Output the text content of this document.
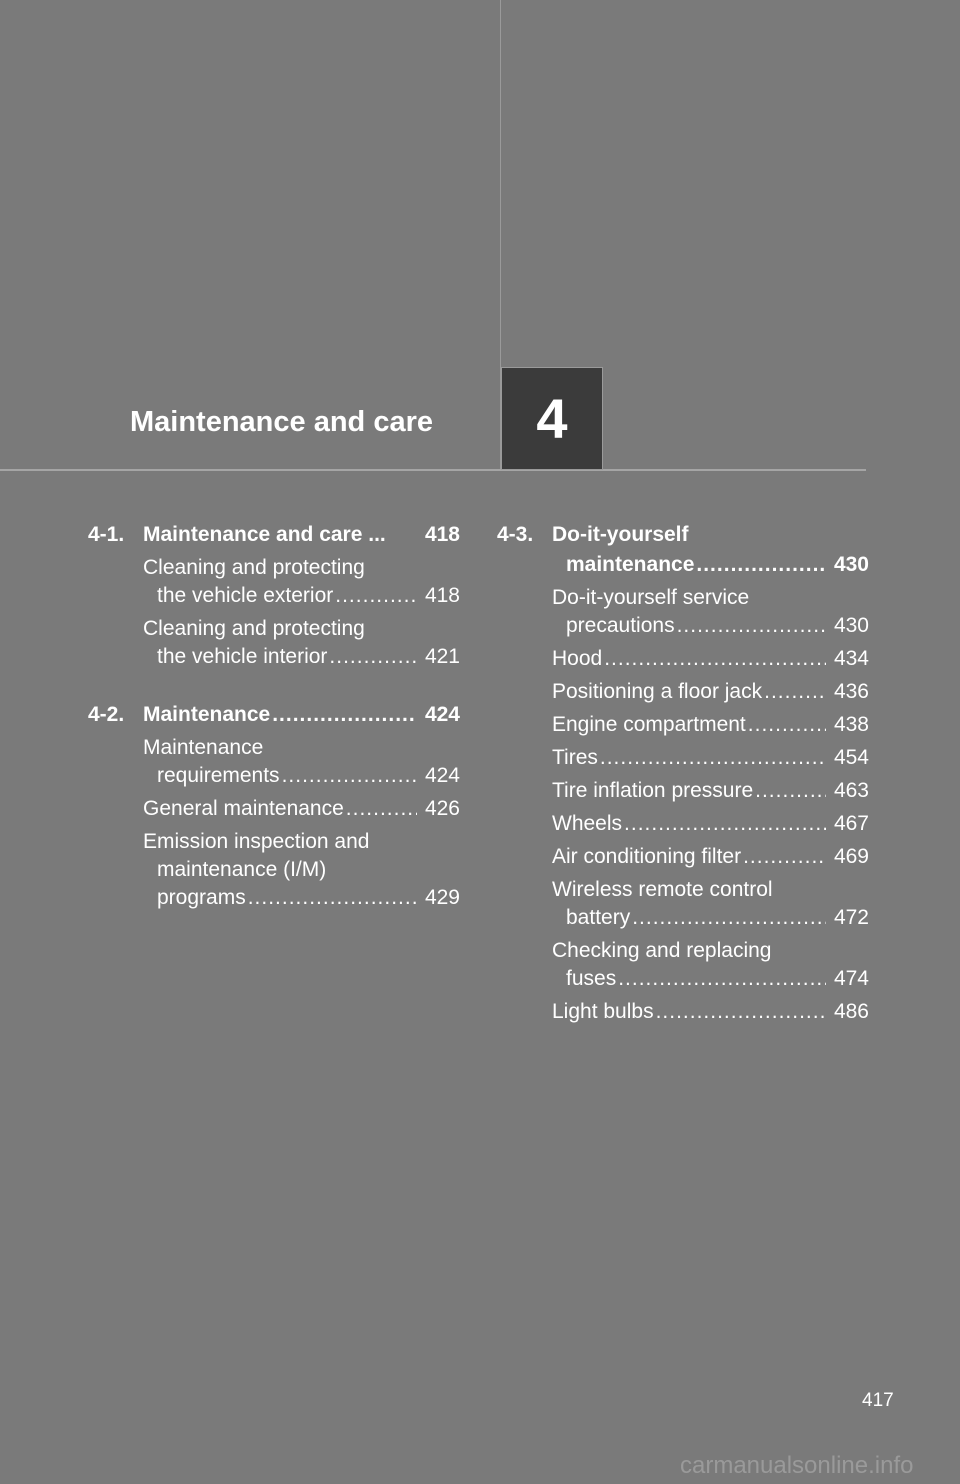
Maintenance and care	4
4-1. Maintenance and care ... 418
Cleaning and protecting
the vehicle exterior .....	418
Cleaning and protecting
the vehicle interior .....	421
4-2. Maintenance .....	424
Maintenance
requirements .....	424
General maintenance .....	426
Emission inspection and
maintenance (I/M)
programs .....	429
4-3. Do-it-yourself
maintenance .....	430
Do-it-yourself service
precautions .....	430
Hood .....	434
Positioning a floor jack .....	436
Engine compartment .....	438
Tires .....	454
Tire inflation pressure .....	463
Wheels .....	467
Air conditioning filter .....	469
Wireless remote control
battery .....	472
Checking and replacing
fuses .....	474
Light bulbs .....	486
417
carmanualsonline.info
